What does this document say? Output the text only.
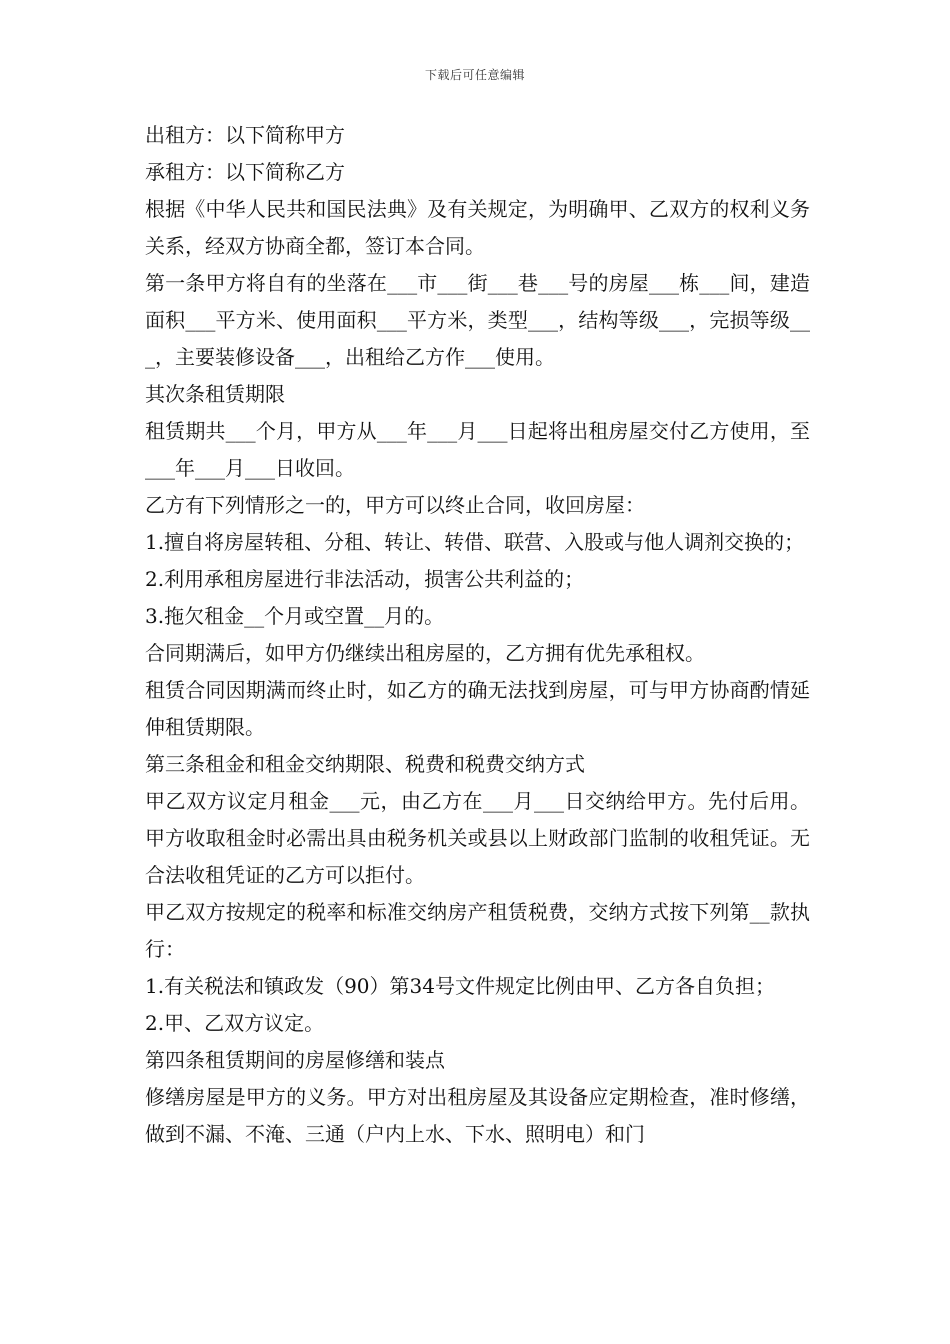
下载后可任意编辑

出租方：以下简称甲方

承租方：以下简称乙方

根据《中华人民共和国民法典》及有关规定，为明确甲、乙双方的权利义务关系，经双方协商全都，签订本合同。

第一条甲方将自有的坐落在___市___街___巷___号的房屋___栋___间，建造面积___平方米、使用面积___平方米，类型___，结构等级___，完损等级___，主要装修设备___，出租给乙方作___使用。

其次条租赁期限

租赁期共___个月，甲方从___年___月___日起将出租房屋交付乙方使用，至___年___月___日收回。

乙方有下列情形之一的，甲方可以终止合同，收回房屋：

1.擅自将房屋转租、分租、转让、转借、联营、入股或与他人调剂交换的；

2.利用承租房屋进行非法活动，损害公共利益的；

3.拖欠租金__个月或空置__月的。

合同期满后，如甲方仍继续出租房屋的，乙方拥有优先承租权。

租赁合同因期满而终止时，如乙方的确无法找到房屋，可与甲方协商酌情延伸租赁期限。

第三条租金和租金交纳期限、税费和税费交纳方式

甲乙双方议定月租金___元，由乙方在___月___日交纳给甲方。先付后用。甲方收取租金时必需出具由税务机关或县以上财政部门监制的收租凭证。无合法收租凭证的乙方可以拒付。

甲乙双方按规定的税率和标准交纳房产租赁税费，交纳方式按下列第__款执行：

1.有关税法和镇政发（90）第34号文件规定比例由甲、乙方各自负担；

2.甲、乙双方议定。

第四条租赁期间的房屋修缮和装点

修缮房屋是甲方的义务。甲方对出租房屋及其设备应定期检查，准时修缮，做到不漏、不淹、三通（户内上水、下水、照明电）和门
